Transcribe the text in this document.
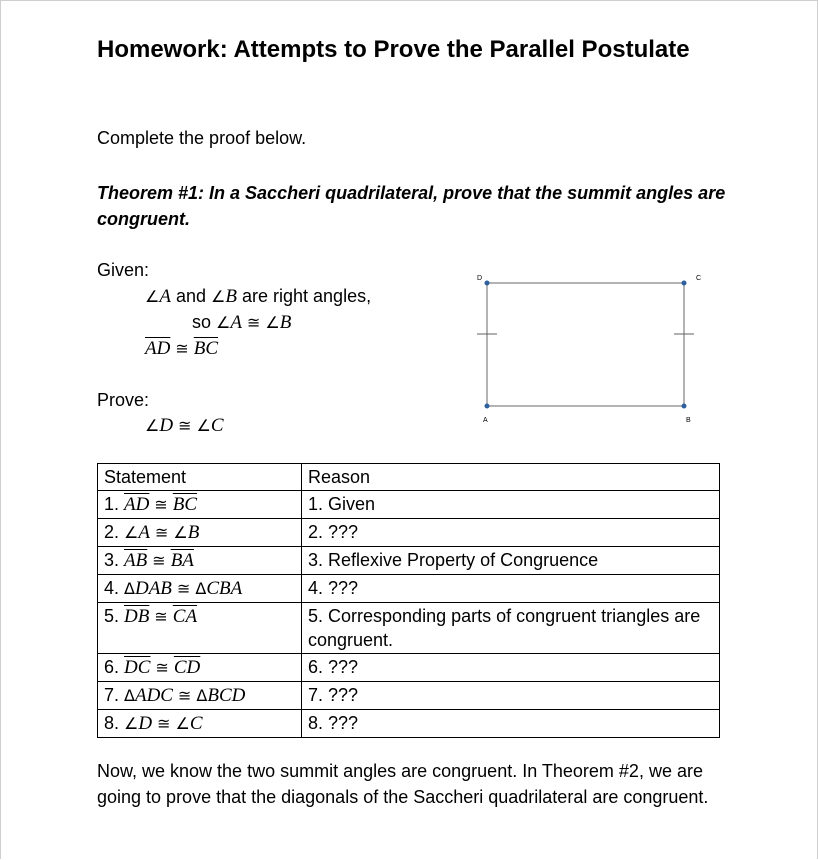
Homework: Attempts to Prove the Parallel Postulate
Complete the proof below.
Theorem #1: In a Saccheri quadrilateral, prove that the summit angles are congruent.
Given:
∠A and ∠B are right angles,
so ∠A ≅ ∠B
$\overline{AD}$ ≅ $\overline{BC}$
Prove:
∠D ≅ ∠C
D	C
A	B
Statement	Reason
1. $\overline{AD}$ ≅ $\overline{BC}$	1. Given
2. ∠A ≅ ∠B	2. ???
3. $\overline{AB}$ ≅ $\overline{BA}$	3. Reflexive Property of Congruence
4. ΔDAB ≅ ΔCBA	4. ???
5. $\overline{DB}$ ≅ $\overline{CA}$	5. Corresponding parts of congruent triangles are congruent.
6. $\overline{DC}$ ≅ $\overline{CD}$	6. ???
7. ΔADC ≅ ΔBCD	7. ???
8. ∠D ≅ ∠C	8. ???
Now, we know the two summit angles are congruent. In Theorem #2, we are going to prove that the diagonals of the Saccheri quadrilateral are congruent.
